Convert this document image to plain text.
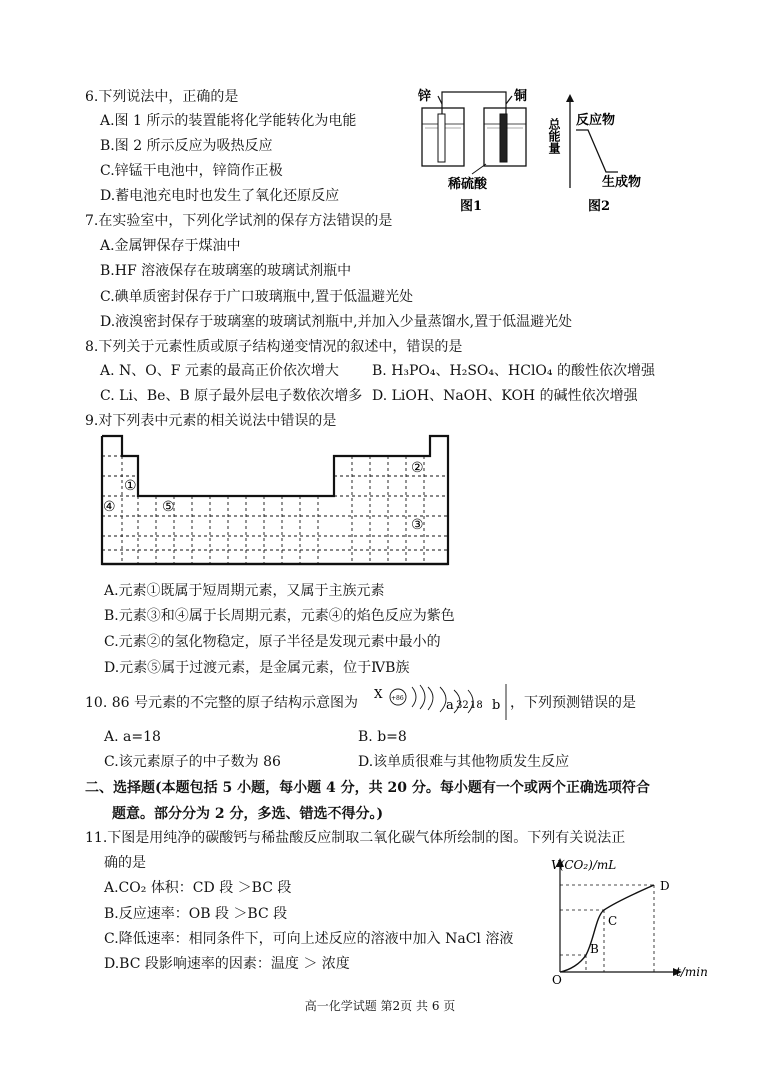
6.下列说法中，正确的是
A.图 1 所示的装置能将化学能转化为电能
B.图 2 所示反应为吸热反应
C.锌锰干电池中，锌筒作正极
D.蓄电池充电时也发生了氧化还原反应
锌	铜
稀硫酸
图1
总能量 反应物
生成物
图2
7.在实验室中，下列化学试剂的保存方法错误的是
A.金属钾保存于煤油中
B.HF 溶液保存在玻璃塞的玻璃试剂瓶中
C.碘单质密封保存于广口玻璃瓶中,置于低温避光处
D.液溴密封保存于玻璃塞的玻璃试剂瓶中,并加入少量蒸馏水,置于低温避光处
8.下列关于元素性质或原子结构递变情况的叙述中，错误的是
A. N、O、F 元素的最高正价依次增大 B. H₃PO₄、H₂SO₄、HClO₄ 的酸性依次增强
C. Li、Be、B 原子最外层电子数依次增多 D. LiOH、NaOH、KOH 的碱性依次增强
9.对下列表中元素的相关说法中错误的是
①
②
③
④	⑤
A.元素①既属于短周期元素，又属于主族元素
B.元素③和④属于长周期元素，元素④的焰色反应为紫色
C.元素②的氢化物稳定，原子半径是发现元素中最小的
D.元素⑤属于过渡元素，是金属元素，位于ⅣB族
10. 86 号元素的不完整的原子结构示意图为
X +86	a 32 18 b ，下列预测错误的是
A. a=18	B. b=8
C.该元素原子的中子数为 86	D.该单质很难与其他物质发生反应
二、选择题(本题包括 5 小题，每小题 4 分，共 20 分。每小题有一个或两个正确选项符合
题意。部分分为 2 分，多选、错选不得分。)
11.下图是用纯净的碳酸钙与稀盐酸反应制取二氧化碳气体所绘制的图。下列有关说法正
确的是
A.CO₂ 体积：CD 段 ＞BC 段
B.反应速率：OB 段 ＞BC 段
C.降低速率：相同条件下，可向上述反应的溶液中加入 NaCl 溶液
D.BC 段影响速率的因素：温度 ＞ 浓度
V(CO₂)/mL
t/min
O
B
C
D
高一化学试题 第2页 共 6 页
